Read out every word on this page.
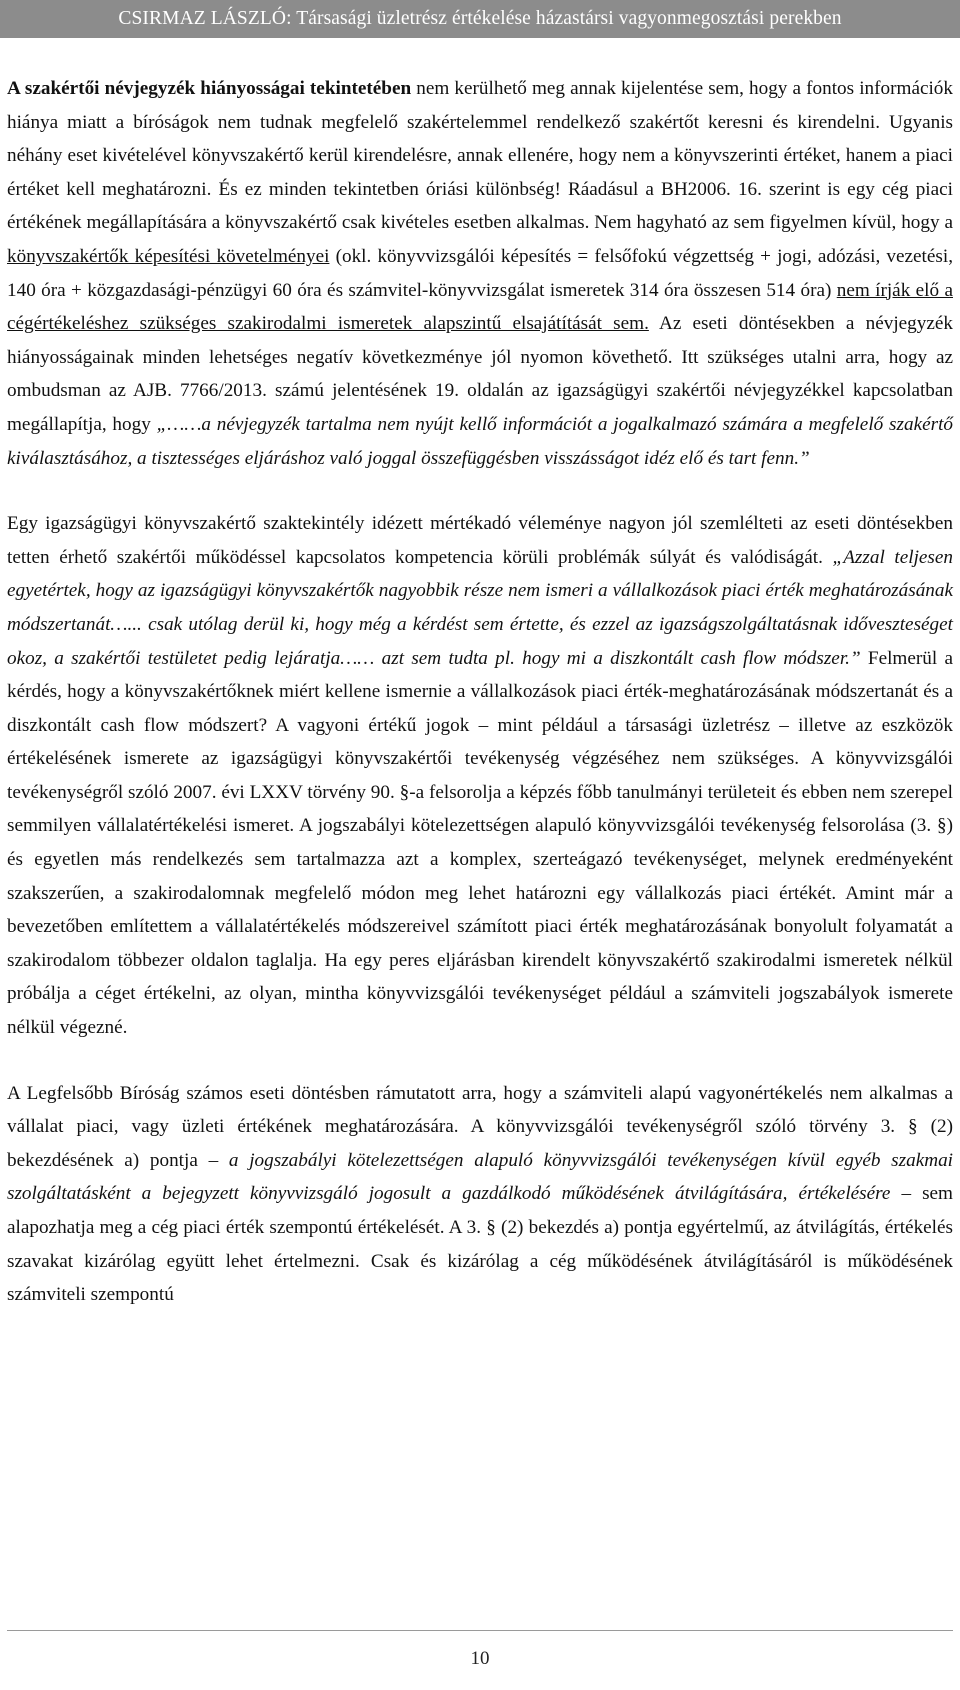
CSIRMAZ LÁSZLÓ: Társasági üzletrész értékelése házastársi vagyonmegosztási perekben

A szakértői névjegyzék hiányosságai tekintetében nem kerülhető meg annak kijelentése sem, hogy a fontos információk hiánya miatt a bíróságok nem tudnak megfelelő szakértelemmel rendelkező szakértőt keresni és kirendelni. Ugyanis néhány eset kivételével könyvszakértő kerül kirendelésre, annak ellenére, hogy nem a könyvszerinti értéket, hanem a piaci értéket kell meghatározni. És ez minden tekintetben óriási különbség! Ráadásul a BH2006. 16. szerint is egy cég piaci értékének megállapítására a könyvszakértő csak kivételes esetben alkalmas. Nem hagyható az sem figyelmen kívül, hogy a könyvszakértők képesítési követelményei (okl. könyvvizsgálói képesítés = felsőfokú végzettség + jogi, adózási, vezetési, 140 óra + közgazdasági-pénzügyi 60 óra és számvitel-könyvvizsgálat ismeretek 314 óra összesen 514 óra) nem írják elő a cégértékeléshez szükséges szakirodalmi ismeretek alapszintű elsajátítását sem. Az eseti döntésekben a névjegyzék hiányosságainak minden lehetséges negatív következménye jól nyomon követhető. Itt szükséges utalni arra, hogy az ombudsman az AJB. 7766/2013. számú jelentésének 19. oldalán az igazságügyi szakértői névjegyzékkel kapcsolatban megállapítja, hogy „……a névjegyzék tartalma nem nyújt kellő információt a jogalkalmazó számára a megfelelő szakértő kiválasztásához, a tisztességes eljáráshoz való joggal összefüggésben visszásságot idéz elő és tart fenn.”

Egy igazságügyi könyvszakértő szaktekintély idézett mértékadó véleménye nagyon jól szemlélteti az eseti döntésekben tetten érhető szakértői működéssel kapcsolatos kompetencia körüli problémák súlyát és valódiságát. „Azzal teljesen egyetértek, hogy az igazságügyi könyvszakértők nagyobbik része nem ismeri a vállalkozások piaci érték meghatározásának módszertanát…... csak utólag derül ki, hogy még a kérdést sem értette, és ezzel az igazságszolgáltatásnak időveszteséget okoz, a szakértői testületet pedig lejáratja…… azt sem tudta pl. hogy mi a diszkontált cash flow módszer.” Felmerül a kérdés, hogy a könyvszakértőknek miért kellene ismernie a vállalkozások piaci érték-meghatározásának módszertanát és a diszkontált cash flow módszert? A vagyoni értékű jogok – mint például a társasági üzletrész – illetve az eszközök értékelésének ismerete az igazságügyi könyvszakértői tevékenység végzéséhez nem szükséges. A könyvvizsgálói tevékenységről szóló 2007. évi LXXV törvény 90. §-a felsorolja a képzés főbb tanulmányi területeit és ebben nem szerepel semmilyen vállalatértékelési ismeret. A jogszabályi kötelezettségen alapuló könyvvizsgálói tevékenység felsorolása (3. §) és egyetlen más rendelkezés sem tartalmazza azt a komplex, szerteágazó tevékenységet, melynek eredményeként szakszerűen, a szakirodalomnak megfelelő módon meg lehet határozni egy vállalkozás piaci értékét. Amint már a bevezetőben említettem a vállalatértékelés módszereivel számított piaci érték meghatározásának bonyolult folyamatát a szakirodalom többezer oldalon taglalja. Ha egy peres eljárásban kirendelt könyvszakértő szakirodalmi ismeretek nélkül próbálja a céget értékelni, az olyan, mintha könyvvizsgálói tevékenységet például a számviteli jogszabályok ismerete nélkül végezné.

A Legfelsőbb Bíróság számos eseti döntésben rámutatott arra, hogy a számviteli alapú vagyonértékelés nem alkalmas a vállalat piaci, vagy üzleti értékének meghatározására. A könyvvizsgálói tevékenységről szóló törvény 3. § (2) bekezdésének a) pontja – a jogszabályi kötelezettségen alapuló könyvvizsgálói tevékenységen kívül egyéb szakmai szolgáltatásként a bejegyzett könyvvizsgáló jogosult a gazdálkodó működésének átvilágítására, értékelésére – sem alapozhatja meg a cég piaci érték szempontú értékelését. A 3. § (2) bekezdés a) pontja egyértelmű, az átvilágítás, értékelés szavakat kizárólag együtt lehet értelmezni. Csak és kizárólag a cég működésének átvilágításáról is működésének számviteli szempontú

10
